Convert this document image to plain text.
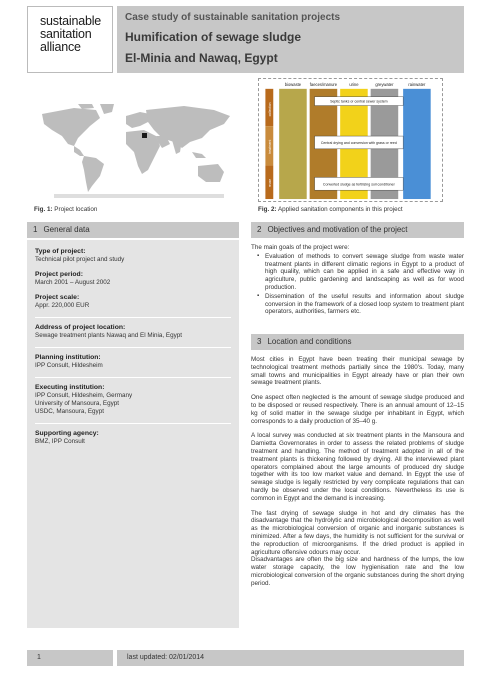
sustainable
sanitation
alliance
Case study of sustainable sanitation projects
Humification of sewage sludge
El-Minia and Nawaq, Egypt
Fig. 1: Project location
biowaste faeces/manure	urine	greywater	rainwater
collection
treatment
reuse
Septic tanks or central sewer system
Central drying and conversion with grass or reed
Converted sludge as fertilizing soil conditioner
Fig. 2: Applied sanitation components in this project
1 General data
Type of project:
Technical pilot project and study
Project period:
March 2001 – August 2002
Project scale:
Appr. 220,000 EUR
Address of project location:
Sewage treatment plants Nawaq and El Minia, Egypt
Planning institution:
IPP Consult, Hildesheim
Executing institution:
IPP Consult, Hildesheim, Germany
University of Mansoura, Egypt
USDC, Mansoura, Egypt
Supporting agency:
BMZ, IPP Consult
2 Objectives and motivation of the project

The main goals of the project were:

▪ Evaluation of methods to convert sewage sludge from waste water treatment plants in different climatic regions in Egypt to a product of high quality, which can be applied in a safe and effective way in agriculture, public gardening and landscaping as well as for wood production.
▪ Dissemination of the useful results and information about sludge conversion in the framework of a closed loop system to treatment plant operators, authorities, farmers etc.
3 Location and conditions

Most cities in Egypt have been treating their municipal sewage by technological treatment methods partially since the 1980's. Today, many small towns and municipalities in Egypt already have or plan their own sewage treatment plants.

One aspect often neglected is the amount of sewage sludge produced and to be disposed or reused respectively. There is an annual amount of 12–15 kg of solid matter in the sewage sludge per inhabitant in Egypt, which corresponds to a daily production of 35–40 g.

A local survey was conducted at six treatment plants in the Mansoura and Damietta Governorates in order to assess the related problems of sludge treatment and handling. The method of treatment adopted in all of the treatment plants is thickening followed by drying. All the interviewed plant operators complained about the large amounts of produced dry sludge together with its too low market value and demand. In Egypt the use of sewage sludge is legally restricted by very complicate regulations that can hardly be observed under the local conditions. Nevertheless its use is common in Egypt and the demand is increasing.

The fast drying of sewage sludge in hot and dry climates has the disadvantage that the hydrolytic and microbiological decomposition as well as the microbiological conversion of organic and inorganic substances is minimized. After a few days, the humidity is not sufficient for the survival or the reproduction of microorganisms. If the dried product is applied in agriculture offensive odours may occur.

Disadvantages are often the big size and hardness of the lumps, the low water storage capacity, the low hygienisation rate and the low microbiological conversion of the organic substances during the short drying period.

1	last updated: 02/01/2014
